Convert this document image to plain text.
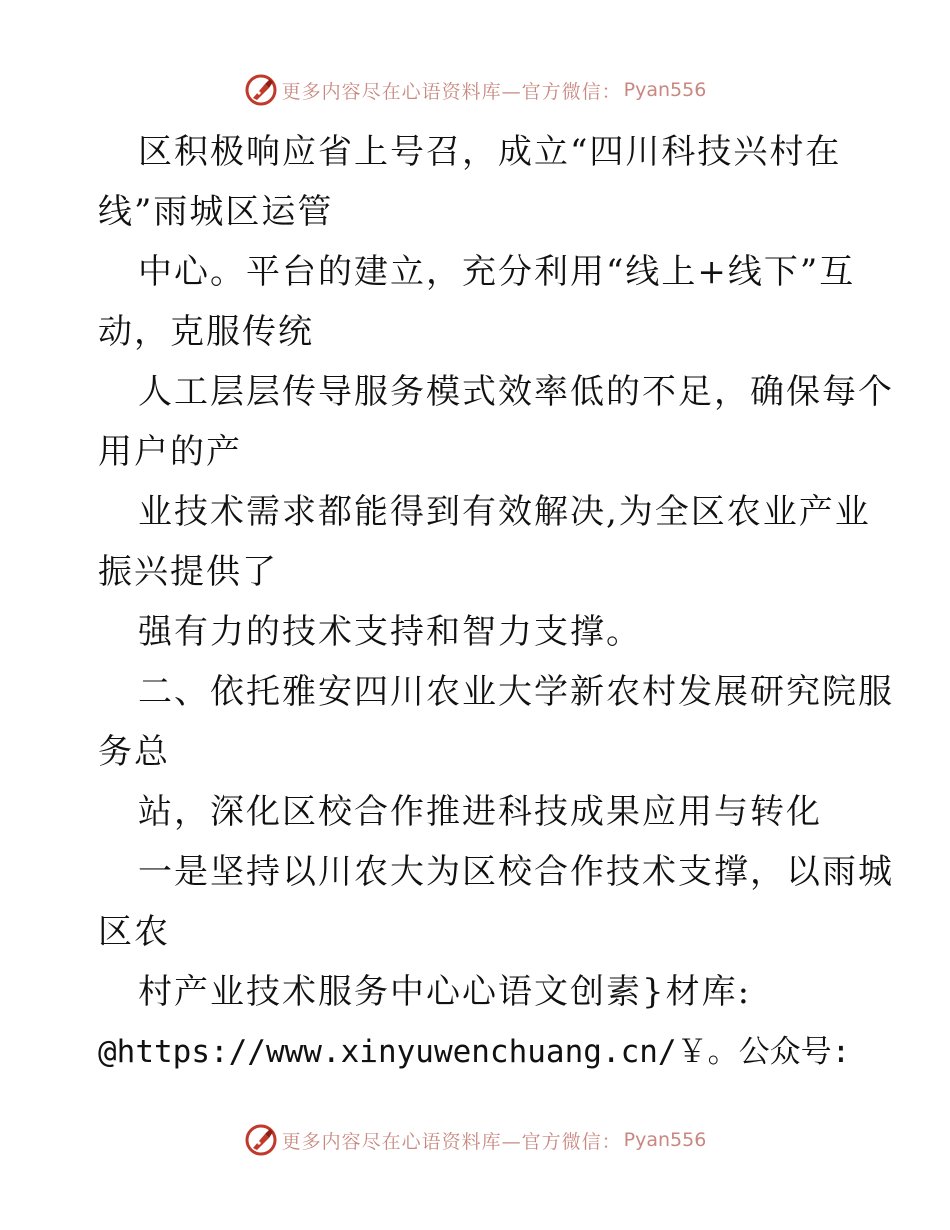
更多内容尽在心语资料库—官方微信： Pyan556
区积极响应省上号召，成立“四川科技兴村在
线”雨城区运管
中心。平台的建立，充分利用“线上+线下”互
动，克服传统
人工层层传导服务模式效率低的不足，确保每个
用户的产
业技术需求都能得到有效解决,为全区农业产业
振兴提供了
强有力的技术支持和智力支撑。
二、依托雅安四川农业大学新农村发展研究院服
务总
站，深化区校合作推进科技成果应用与转化
一是坚持以川农大为区校合作技术支撑，以雨城
区农
村产业技术服务中心心语文创素}材库:
@https://www.xinyuwenchuang.cn/￥。公众号:
更多内容尽在心语资料库—官方微信： Pyan556
